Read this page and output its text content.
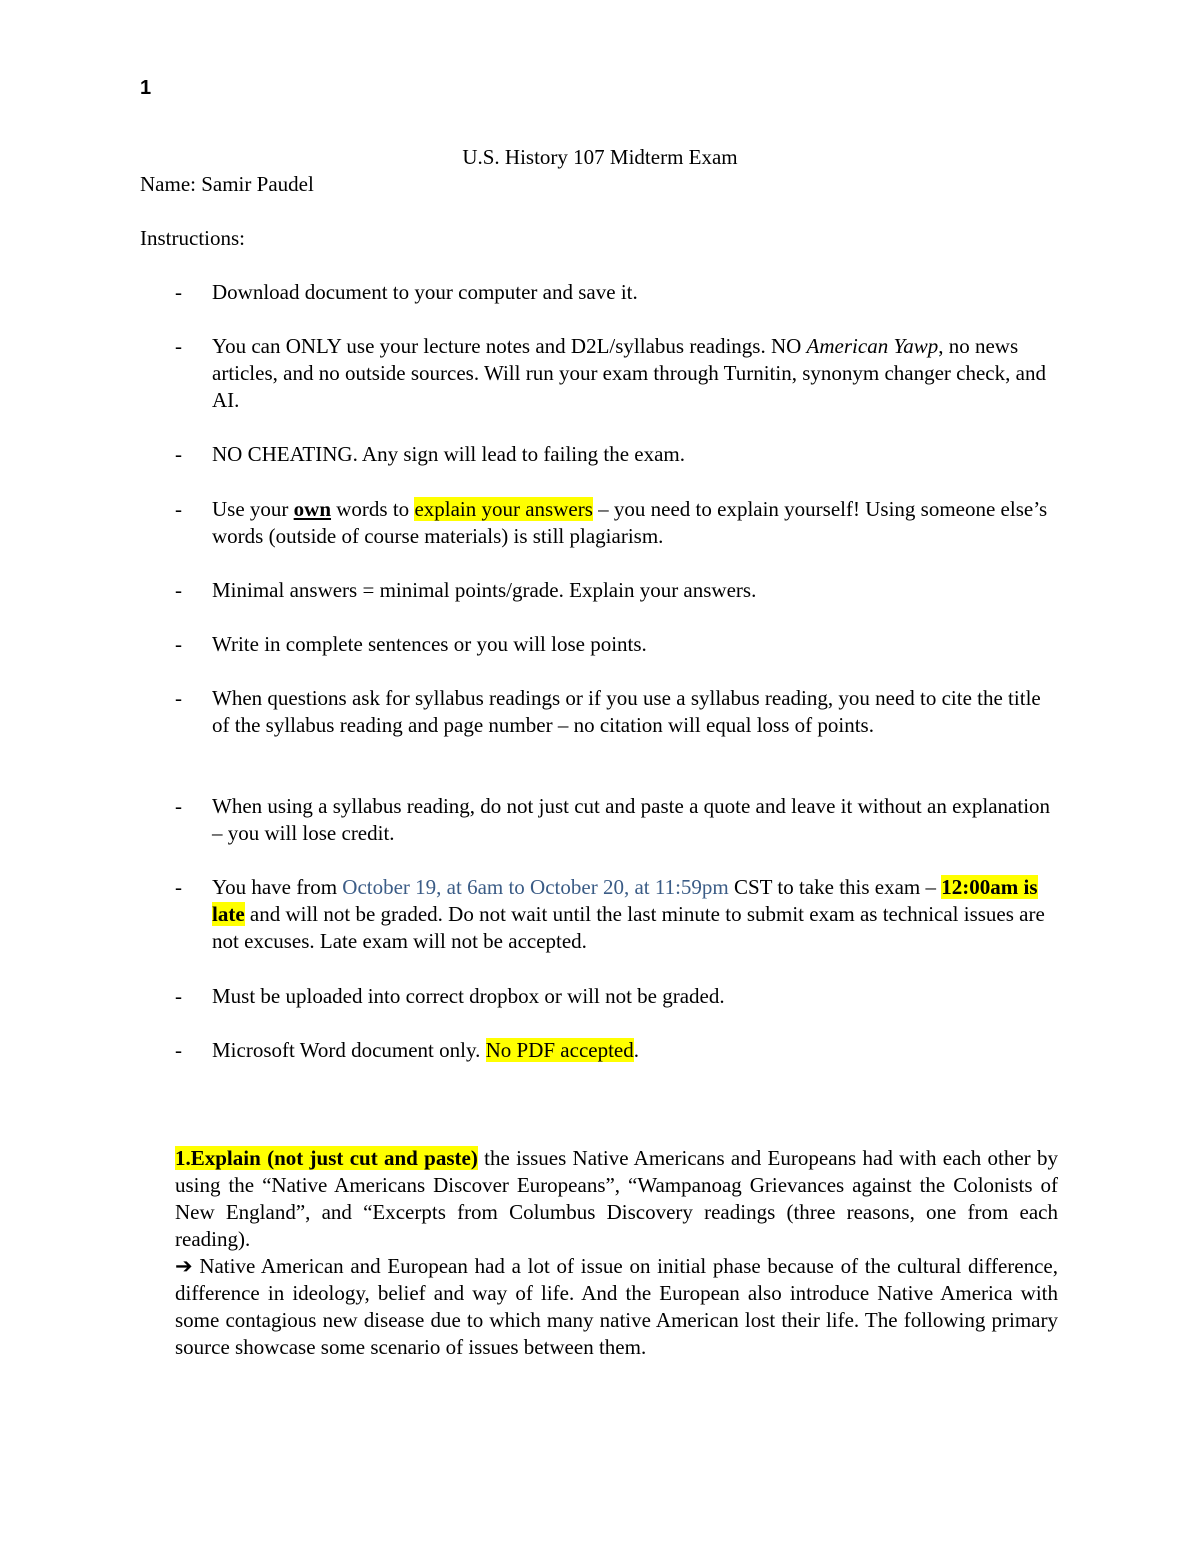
1
U.S. History 107 Midterm Exam
Name: Samir Paudel
Instructions:
- Download document to your computer and save it.
- You can ONLY use your lecture notes and D2L/syllabus readings. NO American Yawp, no news articles, and no outside sources. Will run your exam through Turnitin, synonym changer check, and AI.
- NO CHEATING. Any sign will lead to failing the exam.
- Use your own words to explain your answers – you need to explain yourself! Using someone else’s words (outside of course materials) is still plagiarism.
- Minimal answers = minimal points/grade. Explain your answers.
- Write in complete sentences or you will lose points.
- When questions ask for syllabus readings or if you use a syllabus reading, you need to cite the title of the syllabus reading and page number – no citation will equal loss of points.
- When using a syllabus reading, do not just cut and paste a quote and leave it without an explanation – you will lose credit.
- You have from October 19, at 6am to October 20, at 11:59pm CST to take this exam – 12:00am is late and will not be graded. Do not wait until the last minute to submit exam as technical issues are not excuses. Late exam will not be accepted.
- Must be uploaded into correct dropbox or will not be graded.
- Microsoft Word document only. No PDF accepted.
1.Explain (not just cut and paste) the issues Native Americans and Europeans had with each other by using the “Native Americans Discover Europeans”, “Wampanoag Grievances against the Colonists of New England”, and “Excerpts from Columbus Discovery readings (three reasons, one from each reading).
➔ Native American and European had a lot of issue on initial phase because of the cultural difference, difference in ideology, belief and way of life. And the European also introduce Native America with some contagious new disease due to which many native American lost their life. The following primary source showcase some scenario of issues between them.
